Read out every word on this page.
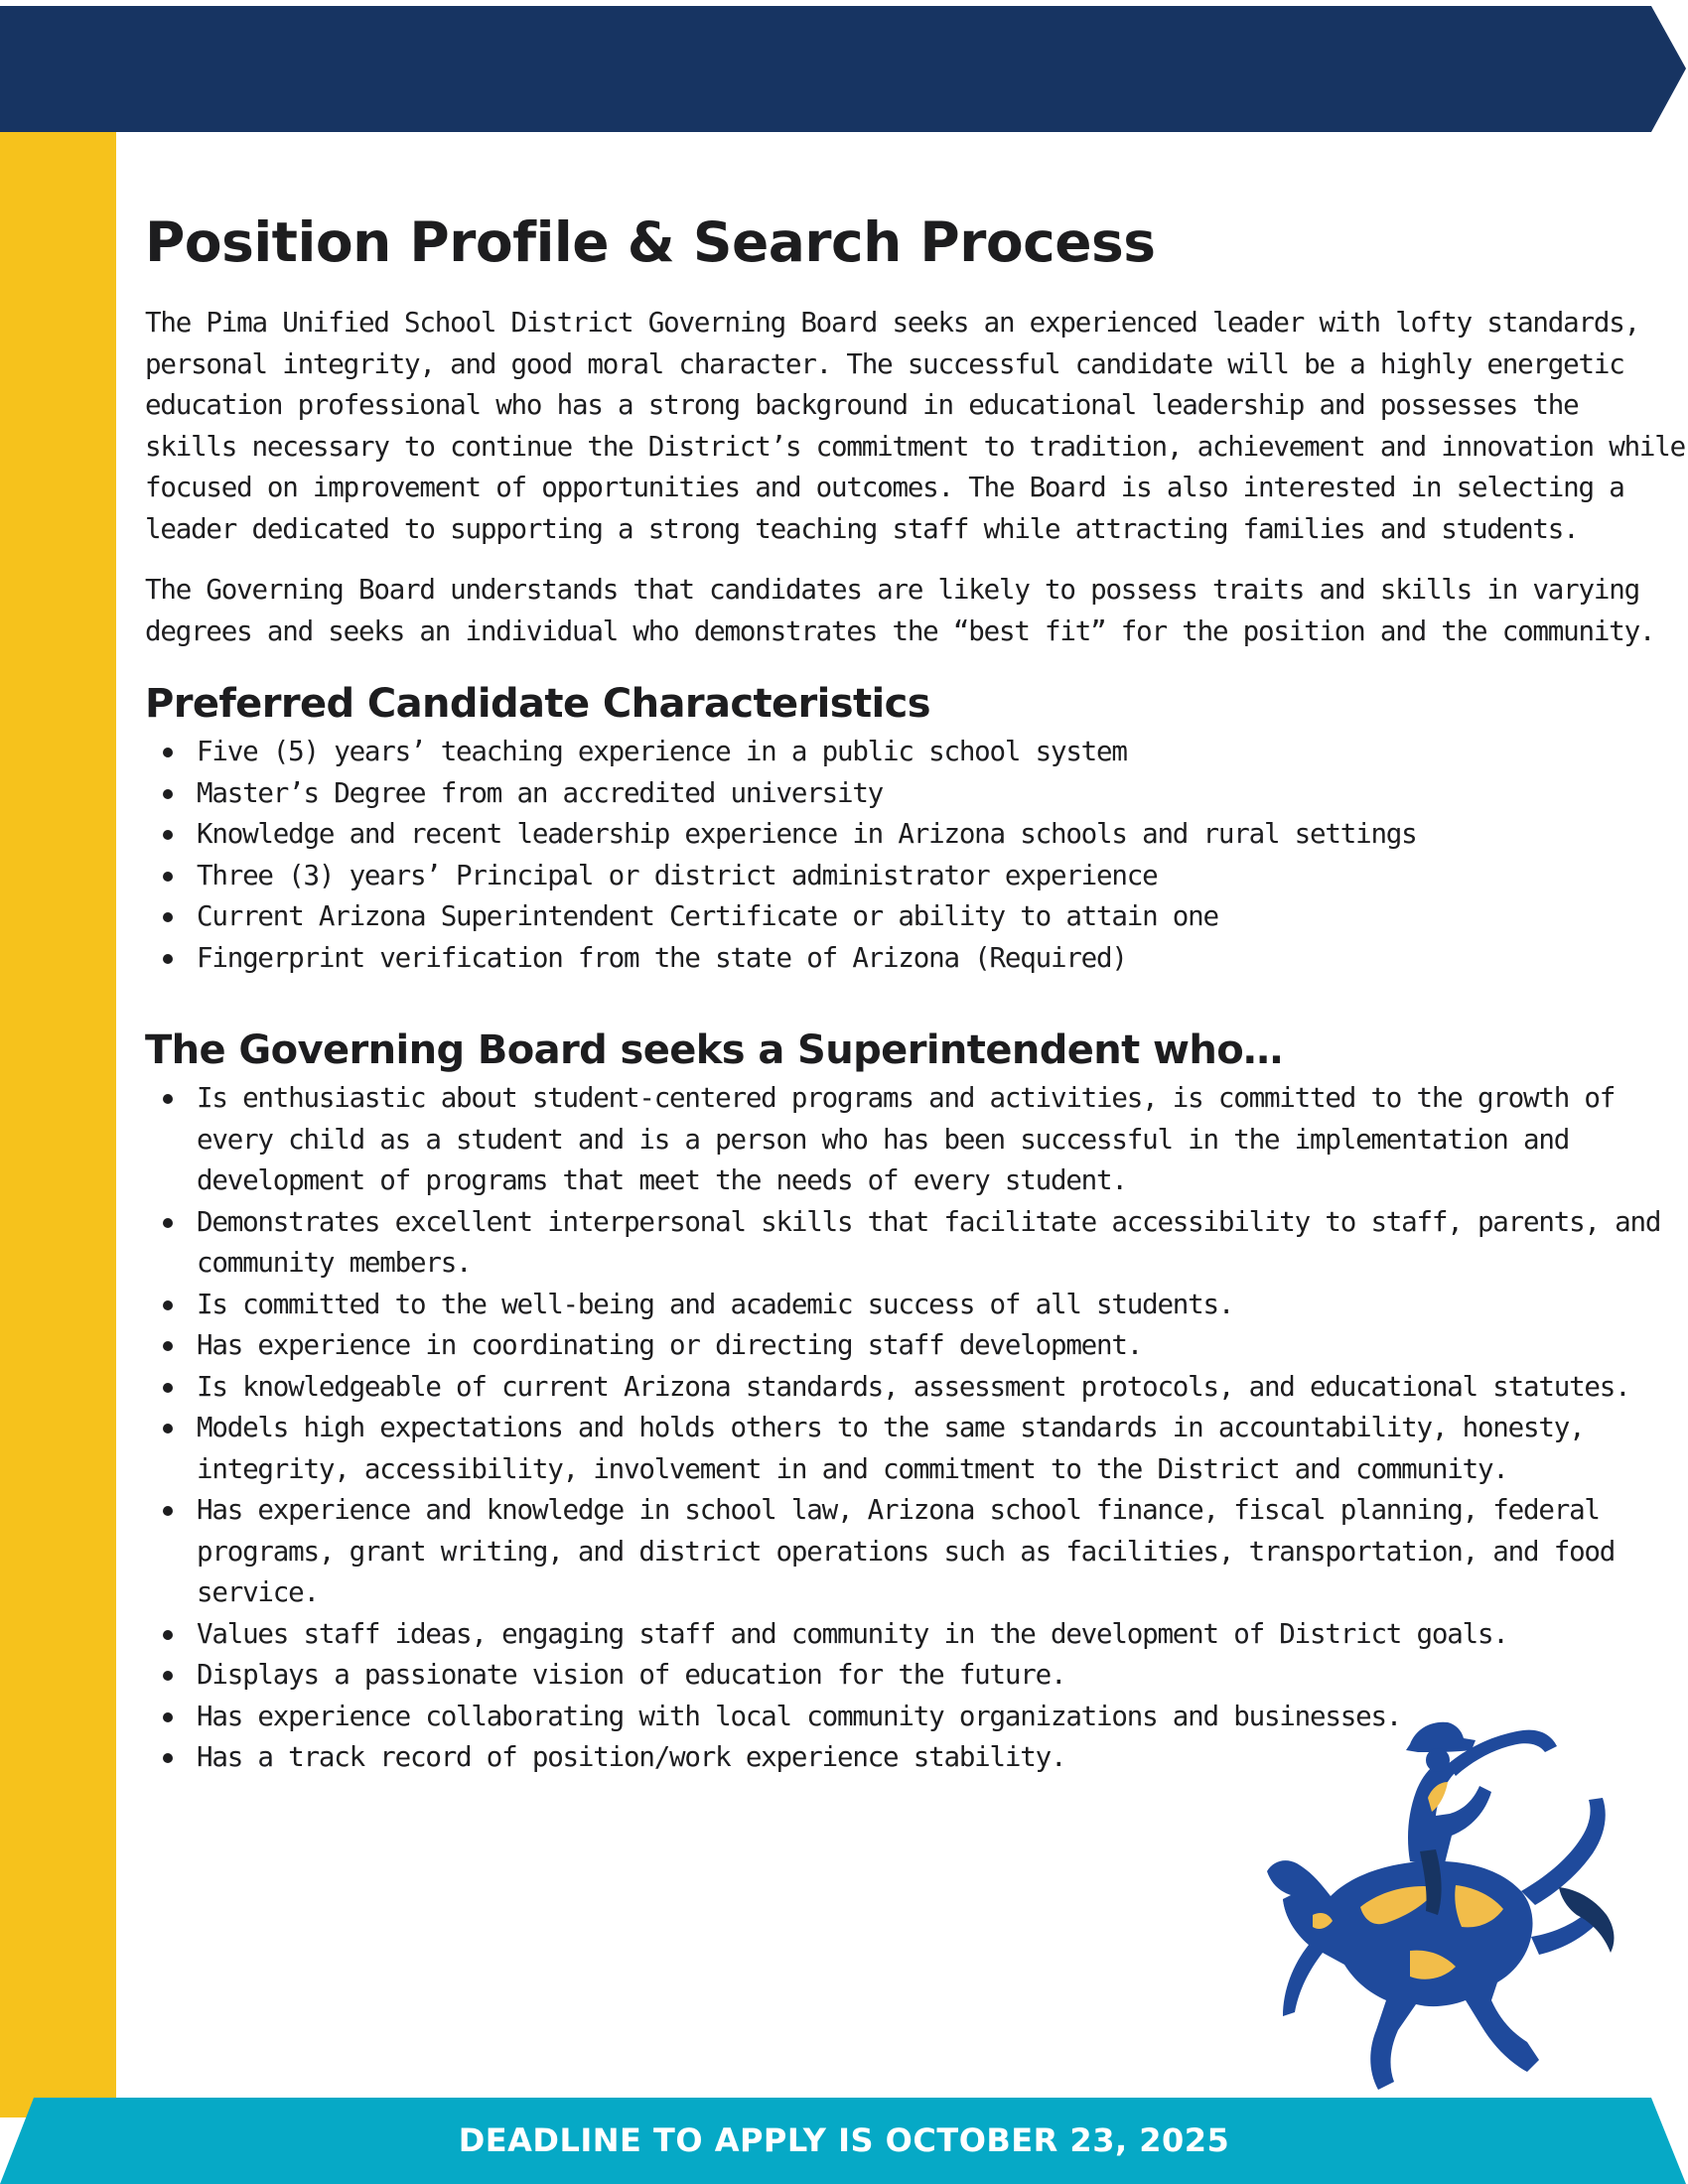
Position Profile & Search Process

The Pima Unified School District Governing Board seeks an experienced leader with lofty standards,
personal integrity, and good moral character. The successful candidate will be a highly energetic
education professional who has a strong background in educational leadership and possesses the
skills necessary to continue the District’s commitment to tradition, achievement and innovation while
focused on improvement of opportunities and outcomes. The Board is also interested in selecting a
leader dedicated to supporting a strong teaching staff while attracting families and students.

The Governing Board understands that candidates are likely to possess traits and skills in varying
degrees and seeks an individual who demonstrates the “best fit” for the position and the community.

Preferred Candidate Characteristics
Five (5) years’ teaching experience in a public school system
Master’s Degree from an accredited university
Knowledge and recent leadership experience in Arizona schools and rural settings
Three (3) years’ Principal or district administrator experience
Current Arizona Superintendent Certificate or ability to attain one
Fingerprint verification from the state of Arizona (Required)
The Governing Board seeks a Superintendent who…
Is enthusiastic about student-centered programs and activities, is committed to the growth of
every child as a student and is a person who has been successful in the implementation and
development of programs that meet the needs of every student.
Demonstrates excellent interpersonal skills that facilitate accessibility to staff, parents, and
community members.
Is committed to the well-being and academic success of all students.
Has experience in coordinating or directing staff development.
Is knowledgeable of current Arizona standards, assessment protocols, and educational statutes.
Models high expectations and holds others to the same standards in accountability, honesty,
integrity, accessibility, involvement in and commitment to the District and community.
Has experience and knowledge in school law, Arizona school finance, fiscal planning, federal
programs, grant writing, and district operations such as facilities, transportation, and food
service.
Values staff ideas, engaging staff and community in the development of District goals.
Displays a passionate vision of education for the future.
Has experience collaborating with local community organizations and businesses.
Has a track record of position/work experience stability.
DEADLINE TO APPLY IS OCTOBER 23, 2025
